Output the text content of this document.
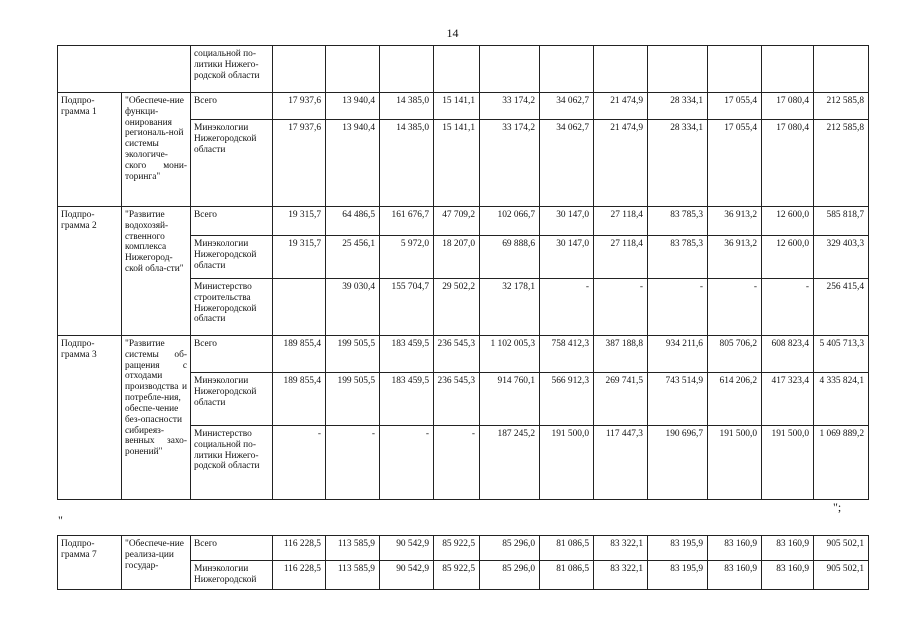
14
		социальной по-литики Нижего-родской области											
Подпро-грамма 1	"Обеспече-ние функци-онирования региональ-ной системы экологиче-ского мони-торинга"	Всего	17 937,6	13 940,4	14 385,0	15 141,1	33 174,2	34 062,7	21 474,9	28 334,1	17 055,4	17 080,4	212 585,8
		Минэкологии Нижегородской области	17 937,6	13 940,4	14 385,0	15 141,1	33 174,2	34 062,7	21 474,9	28 334,1	17 055,4	17 080,4	212 585,8
Подпро-грамма 2	"Развитие водохозяй-ственного комплекса Нижегород-ской обла-сти"	Всего	19 315,7	64 486,5	161 676,7	47 709,2	102 066,7	30 147,0	27 118,4	83 785,3	36 913,2	12 600,0	585 818,7
		Минэкологии Нижегородской области	19 315,7	25 456,1	5 972,0	18 207,0	69 888,6	30 147,0	27 118,4	83 785,3	36 913,2	12 600,0	329 403,3
		Министерство строительства Нижегородской области		39 030,4	155 704,7	29 502,2	32 178,1	-	-	-	-	-	256 415,4
Подпро-грамма 3	"Развитие системы об-ращения с отходами производства и потребле-ния, обеспе-чение без-опасности сибиреяз-венных захо-ронений"	Всего	189 855,4	199 505,5	183 459,5	236 545,3	1 102 005,3	758 412,3	387 188,8	934 211,6	805 706,2	608 823,4	5 405 713,3
		Минэкологии Нижегородской области	189 855,4	199 505,5	183 459,5	236 545,3	914 760,1	566 912,3	269 741,5	743 514,9	614 206,2	417 323,4	4 335 824,1
		Министерство социальной по-литики Нижего-родской области	-	-	-	-	187 245,2	191 500,0	117 447,3	190 696,7	191 500,0	191 500,0	1 069 889,2
";
"
Подпро-грамма 7	"Обеспече-ние реализа-ции государ-	Всего	116 228,5	113 585,9	90 542,9	85 922,5	85 296,0	81 086,5	83 322,1	83 195,9	83 160,9	83 160,9	905 502,1
		Минэкологии Нижегородской	116 228,5	113 585,9	90 542,9	85 922,5	85 296,0	81 086,5	83 322,1	83 195,9	83 160,9	83 160,9	905 502,1
